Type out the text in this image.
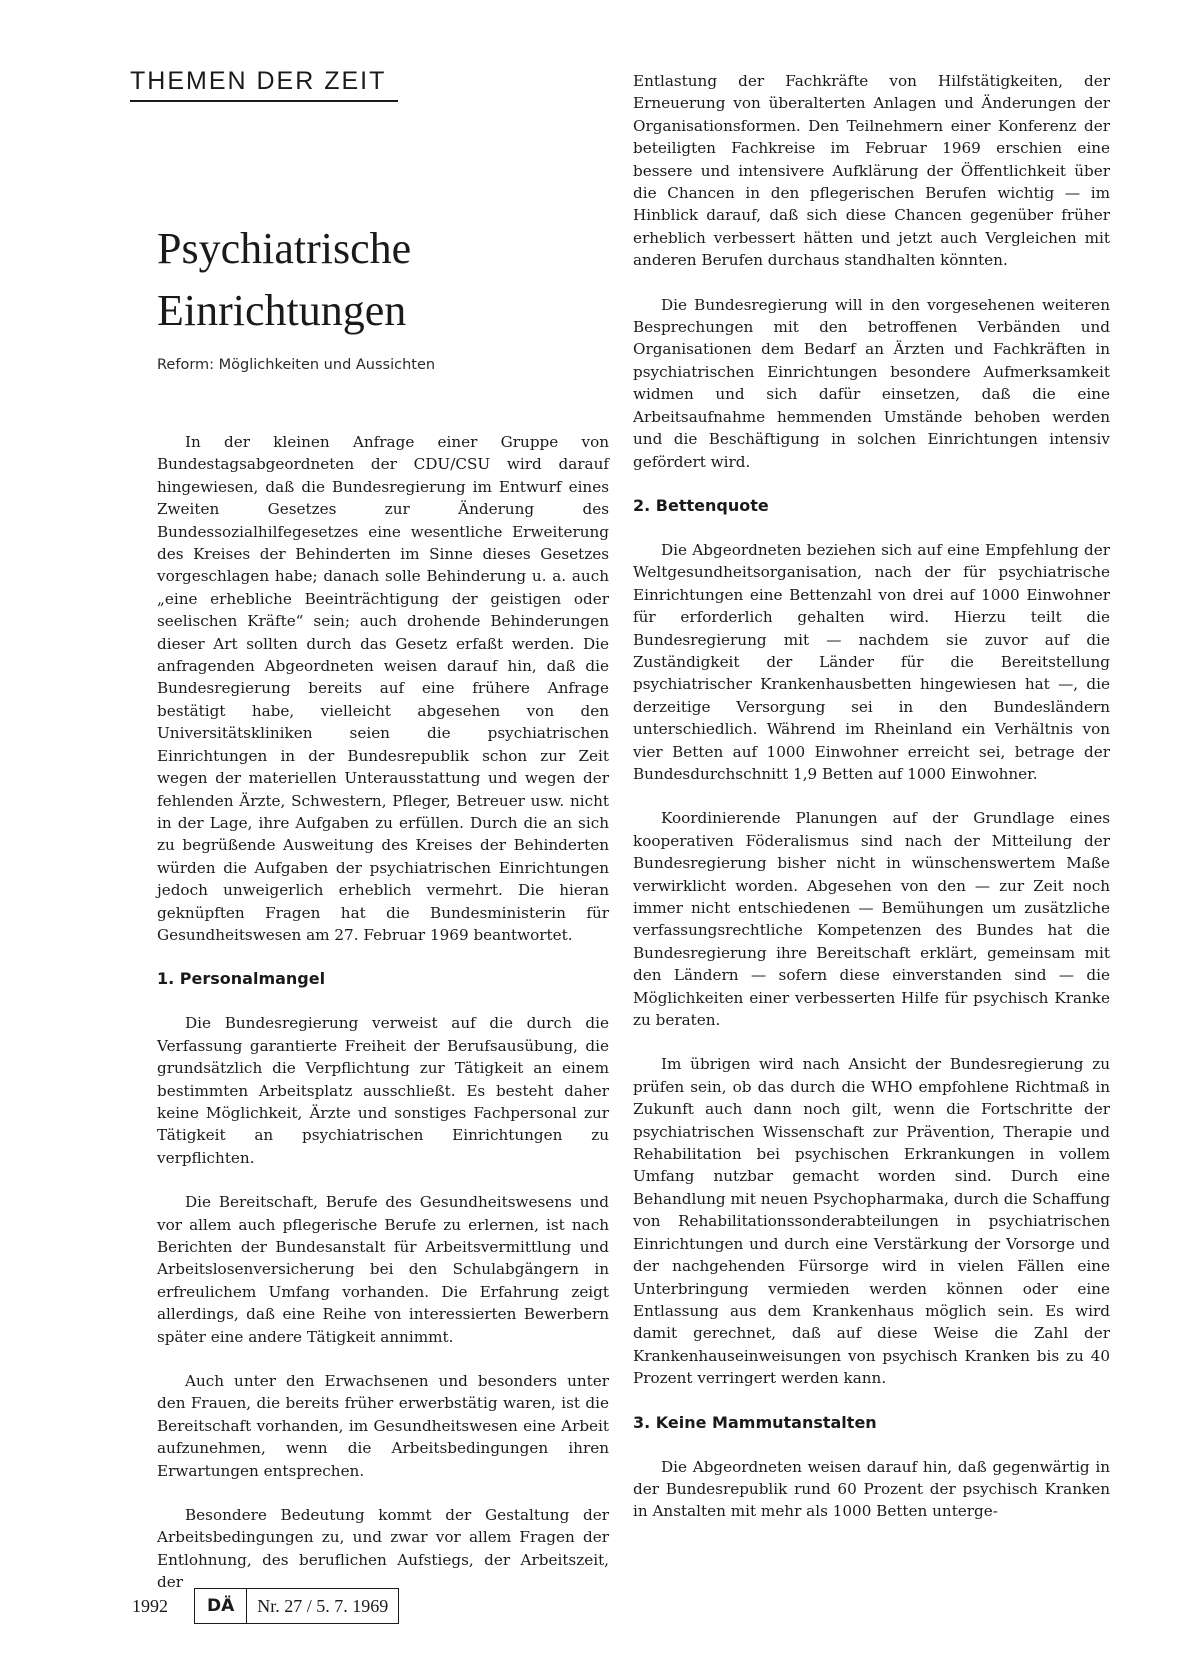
THEMEN DER ZEIT
Psychiatrische
Einrichtungen
Reform: Möglichkeiten und Aussichten

In der kleinen Anfrage einer Gruppe von Bundestagsabgeordneten der CDU/CSU wird darauf hingewiesen, daß die Bundesregierung im Entwurf eines Zweiten Gesetzes zur Änderung des Bundessozialhilfegesetzes eine wesentliche Erweiterung des Kreises der Behinderten im Sinne dieses Gesetzes vorgeschlagen habe; danach solle Behinderung u. a. auch „eine erhebliche Beeinträchtigung der geistigen oder seelischen Kräfte“ sein; auch drohende Behinderungen dieser Art sollten durch das Gesetz erfaßt werden. Die anfragenden Abgeordneten weisen darauf hin, daß die Bundesregierung bereits auf eine frühere Anfrage bestätigt habe, vielleicht abgesehen von den Universitätskliniken seien die psychiatrischen Einrichtungen in der Bundesrepublik schon zur Zeit wegen der materiellen Unterausstattung und wegen der fehlenden Ärzte, Schwestern, Pfleger, Betreuer usw. nicht in der Lage, ihre Aufgaben zu erfüllen. Durch die an sich zu begrüßende Ausweitung des Kreises der Behinderten würden die Aufgaben der psychiatrischen Einrichtungen jedoch unweigerlich erheblich vermehrt. Die hieran geknüpften Fragen hat die Bundesministerin für Gesundheitswesen am 27. Februar 1969 beantwortet.

1. Personalmangel

Die Bundesregierung verweist auf die durch die Verfassung garantierte Freiheit der Berufsausübung, die grundsätzlich die Verpflichtung zur Tätigkeit an einem bestimmten Arbeitsplatz ausschließt. Es besteht daher keine Möglichkeit, Ärzte und sonstiges Fachpersonal zur Tätigkeit an psychiatrischen Einrichtungen zu verpflichten.

Die Bereitschaft, Berufe des Gesundheitswesens und vor allem auch pflegerische Berufe zu erlernen, ist nach Berichten der Bundesanstalt für Arbeitsvermittlung und Arbeitslosenversicherung bei den Schulabgängern in erfreulichem Umfang vorhanden. Die Erfahrung zeigt allerdings, daß eine Reihe von interessierten Bewerbern später eine andere Tätigkeit annimmt.

Auch unter den Erwachsenen und besonders unter den Frauen, die bereits früher erwerbstätig waren, ist die Bereitschaft vorhanden, im Gesundheitswesen eine Arbeit aufzunehmen, wenn die Arbeitsbedingungen ihren Erwartungen entsprechen.

Besondere Bedeutung kommt der Gestaltung der Arbeitsbedingungen zu, und zwar vor allem Fragen der Entlohnung, des beruflichen Aufstiegs, der Arbeitszeit, der

Entlastung der Fachkräfte von Hilfstätigkeiten, der Erneuerung von überalterten Anlagen und Änderungen der Organisationsformen. Den Teilnehmern einer Konferenz der beteiligten Fachkreise im Februar 1969 erschien eine bessere und intensivere Aufklärung der Öffentlichkeit über die Chancen in den pflegerischen Berufen wichtig — im Hinblick darauf, daß sich diese Chancen gegenüber früher erheblich verbessert hätten und jetzt auch Vergleichen mit anderen Berufen durchaus standhalten könnten.

Die Bundesregierung will in den vorgesehenen weiteren Besprechungen mit den betroffenen Verbänden und Organisationen dem Bedarf an Ärzten und Fachkräften in psychiatrischen Einrichtungen besondere Aufmerksamkeit widmen und sich dafür einsetzen, daß die eine Arbeitsaufnahme hemmenden Umstände behoben werden und die Beschäftigung in solchen Einrichtungen intensiv gefördert wird.

2. Bettenquote

Die Abgeordneten beziehen sich auf eine Empfehlung der Weltgesundheitsorganisation, nach der für psychiatrische Einrichtungen eine Bettenzahl von drei auf 1000 Einwohner für erforderlich gehalten wird. Hierzu teilt die Bundesregierung mit — nachdem sie zuvor auf die Zuständigkeit der Länder für die Bereitstellung psychiatrischer Krankenhausbetten hingewiesen hat —, die derzeitige Versorgung sei in den Bundesländern unterschiedlich. Während im Rheinland ein Verhältnis von vier Betten auf 1000 Einwohner erreicht sei, betrage der Bundesdurchschnitt 1,9 Betten auf 1000 Einwohner.

Koordinierende Planungen auf der Grundlage eines kooperativen Föderalismus sind nach der Mitteilung der Bundesregierung bisher nicht in wünschenswertem Maße verwirklicht worden. Abgesehen von den — zur Zeit noch immer nicht entschiedenen — Bemühungen um zusätzliche verfassungsrechtliche Kompetenzen des Bundes hat die Bundesregierung ihre Bereitschaft erklärt, gemeinsam mit den Ländern — sofern diese einverstanden sind — die Möglichkeiten einer verbesserten Hilfe für psychisch Kranke zu beraten.

Im übrigen wird nach Ansicht der Bundesregierung zu prüfen sein, ob das durch die WHO empfohlene Richtmaß in Zukunft auch dann noch gilt, wenn die Fortschritte der psychiatrischen Wissenschaft zur Prävention, Therapie und Rehabilitation bei psychischen Erkrankungen in vollem Umfang nutzbar gemacht worden sind. Durch eine Behandlung mit neuen Psychopharmaka, durch die Schaffung von Rehabilitationssonderabteilungen in psychiatrischen Einrichtungen und durch eine Verstärkung der Vorsorge und der nachgehenden Fürsorge wird in vielen Fällen eine Unterbringung vermieden werden können oder eine Entlassung aus dem Krankenhaus möglich sein. Es wird damit gerechnet, daß auf diese Weise die Zahl der Krankenhauseinweisungen von psychisch Kranken bis zu 40 Prozent verringert werden kann.

3. Keine Mammutanstalten

Die Abgeordneten weisen darauf hin, daß gegenwärtig in der Bundesrepublik rund 60 Prozent der psychisch Kranken in Anstalten mit mehr als 1000 Betten unterge-

1992	DÄ	Nr. 27 / 5. 7. 1969
